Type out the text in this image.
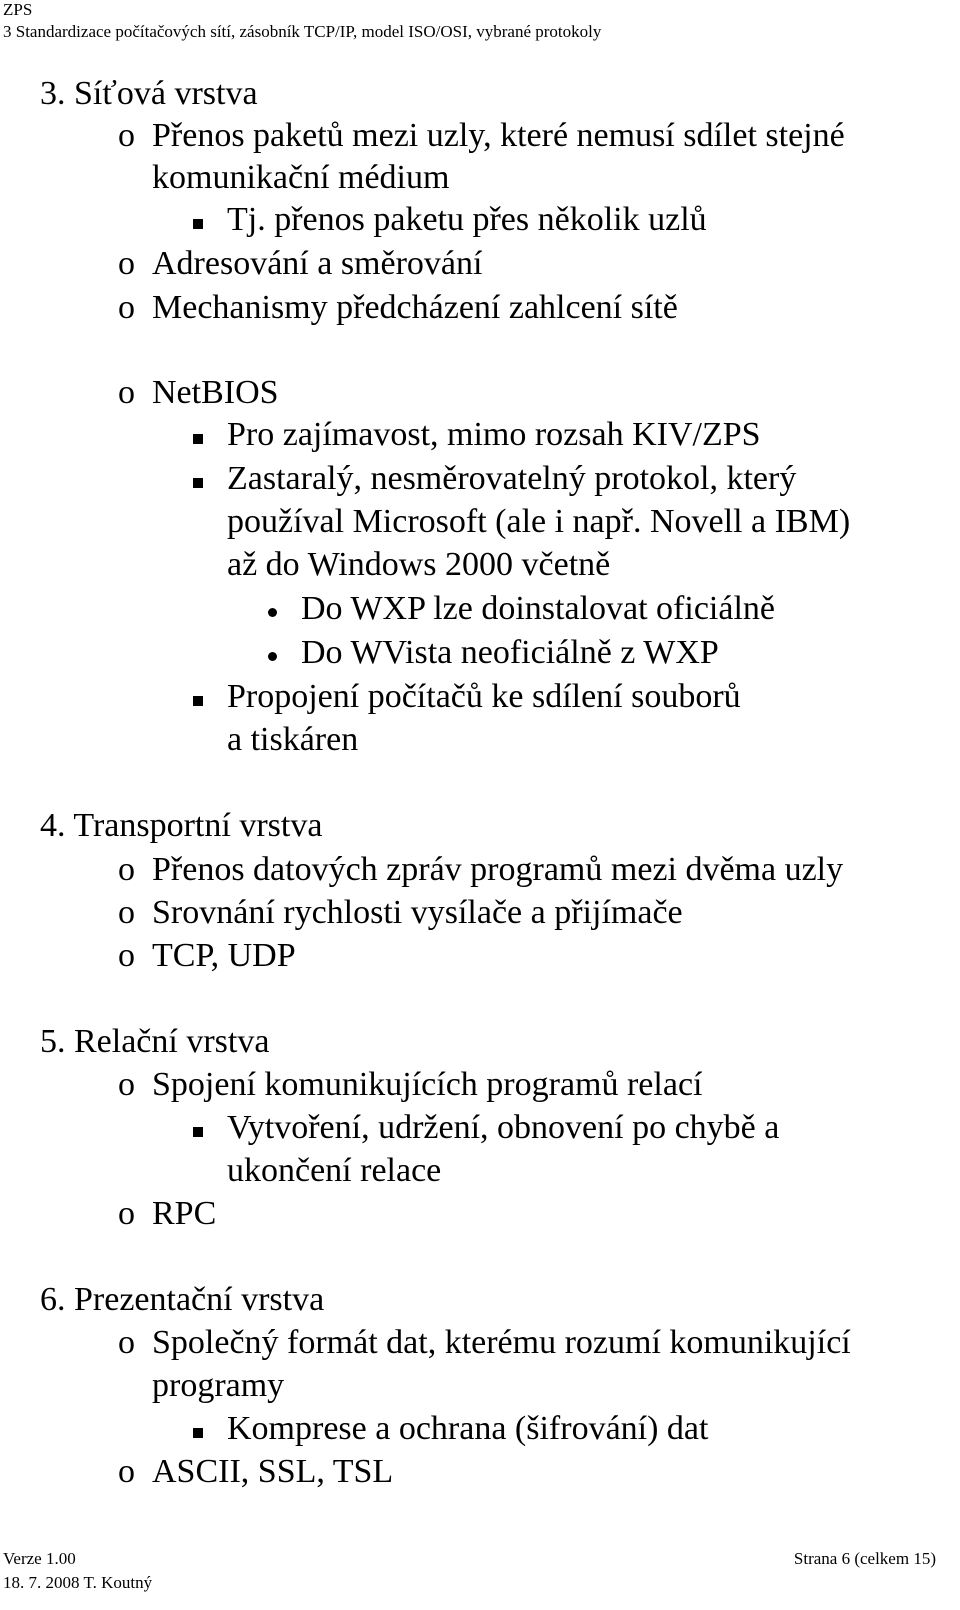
ZPS
3 Standardizace počítačových sítí, zásobník TCP/IP, model ISO/OSI, vybrané protokoly
3. Síťová vrstva
o Přenos paketů mezi uzly, které nemusí sdílet stejné
komunikační médium
Tj. přenos paketu přes několik uzlů
o Adresování a směrování
o Mechanismy předcházení zahlcení sítě
o NetBIOS
Pro zajímavost, mimo rozsah KIV/ZPS
Zastaralý, nesměrovatelný protokol, který
používal Microsoft (ale i např. Novell a IBM)
až do Windows 2000 včetně
Do WXP lze doinstalovat oficiálně
Do WVista neoficiálně z WXP
Propojení počítačů ke sdílení souborů
a tiskáren
4. Transportní vrstva
o Přenos datových zpráv programů mezi dvěma uzly
o Srovnání rychlosti vysílače a přijímače
o TCP, UDP
5. Relační vrstva
o Spojení komunikujících programů relací
Vytvoření, udržení, obnovení po chybě a
ukončení relace
o RPC
6. Prezentační vrstva
o Společný formát dat, kterému rozumí komunikující
programy
Komprese a ochrana (šifrování) dat
o ASCII, SSL, TSL
Verze 1.00
18. 7. 2008 T. Koutný
Strana 6 (celkem 15)
